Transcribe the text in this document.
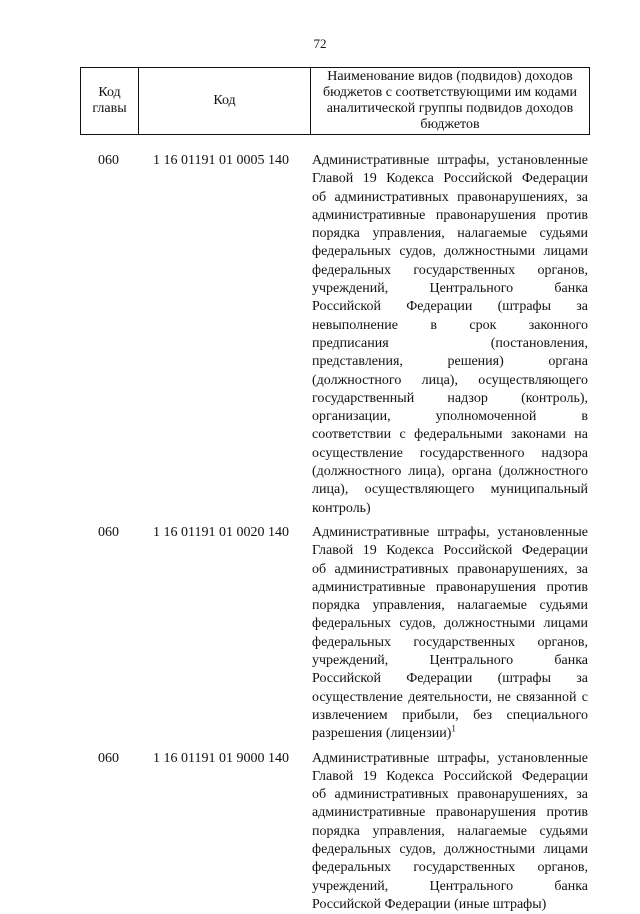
72
Код
главы
Код
Наименование видов (подвидов) доходов
бюджетов с соответствующими им кодами
аналитической группы подвидов доходов
бюджетов
060 1 16 01191 01 0005 140 Административные штрафы, установленные
Главой 19 Кодекса Российской Федерации
об административных правонарушениях, за
административные правонарушения против
порядка управления, налагаемые судьями
федеральных судов, должностными лицами
федеральных государственных органов,
учреждений, Центрального банка
Российской Федерации (штрафы за
невыполнение в срок законного
предписания (постановления,
представления, решения) органа
(должностного лица), осуществляющего
государственный надзор (контроль),
организации, уполномоченной в
соответствии с федеральными законами на
осуществление государственного надзора
(должностного лица), органа (должностного
лица), осуществляющего муниципальный
контроль)
060 1 16 01191 01 0020 140 Административные штрафы, установленные
Главой 19 Кодекса Российской Федерации
об административных правонарушениях, за
административные правонарушения против
порядка управления, налагаемые судьями
федеральных судов, должностными лицами
федеральных государственных органов,
учреждений, Центрального банка
Российской Федерации (штрафы за
осуществление деятельности, не связанной с
извлечением прибыли, без специального
разрешения (лицензии)$^1$
060 1 16 01191 01 9000 140 Административные штрафы, установленные
Главой 19 Кодекса Российской Федерации
об административных правонарушениях, за
административные правонарушения против
порядка управления, налагаемые судьями
федеральных судов, должностными лицами
федеральных государственных органов,
учреждений, Центрального банка
Российской Федерации (иные штрафы)
